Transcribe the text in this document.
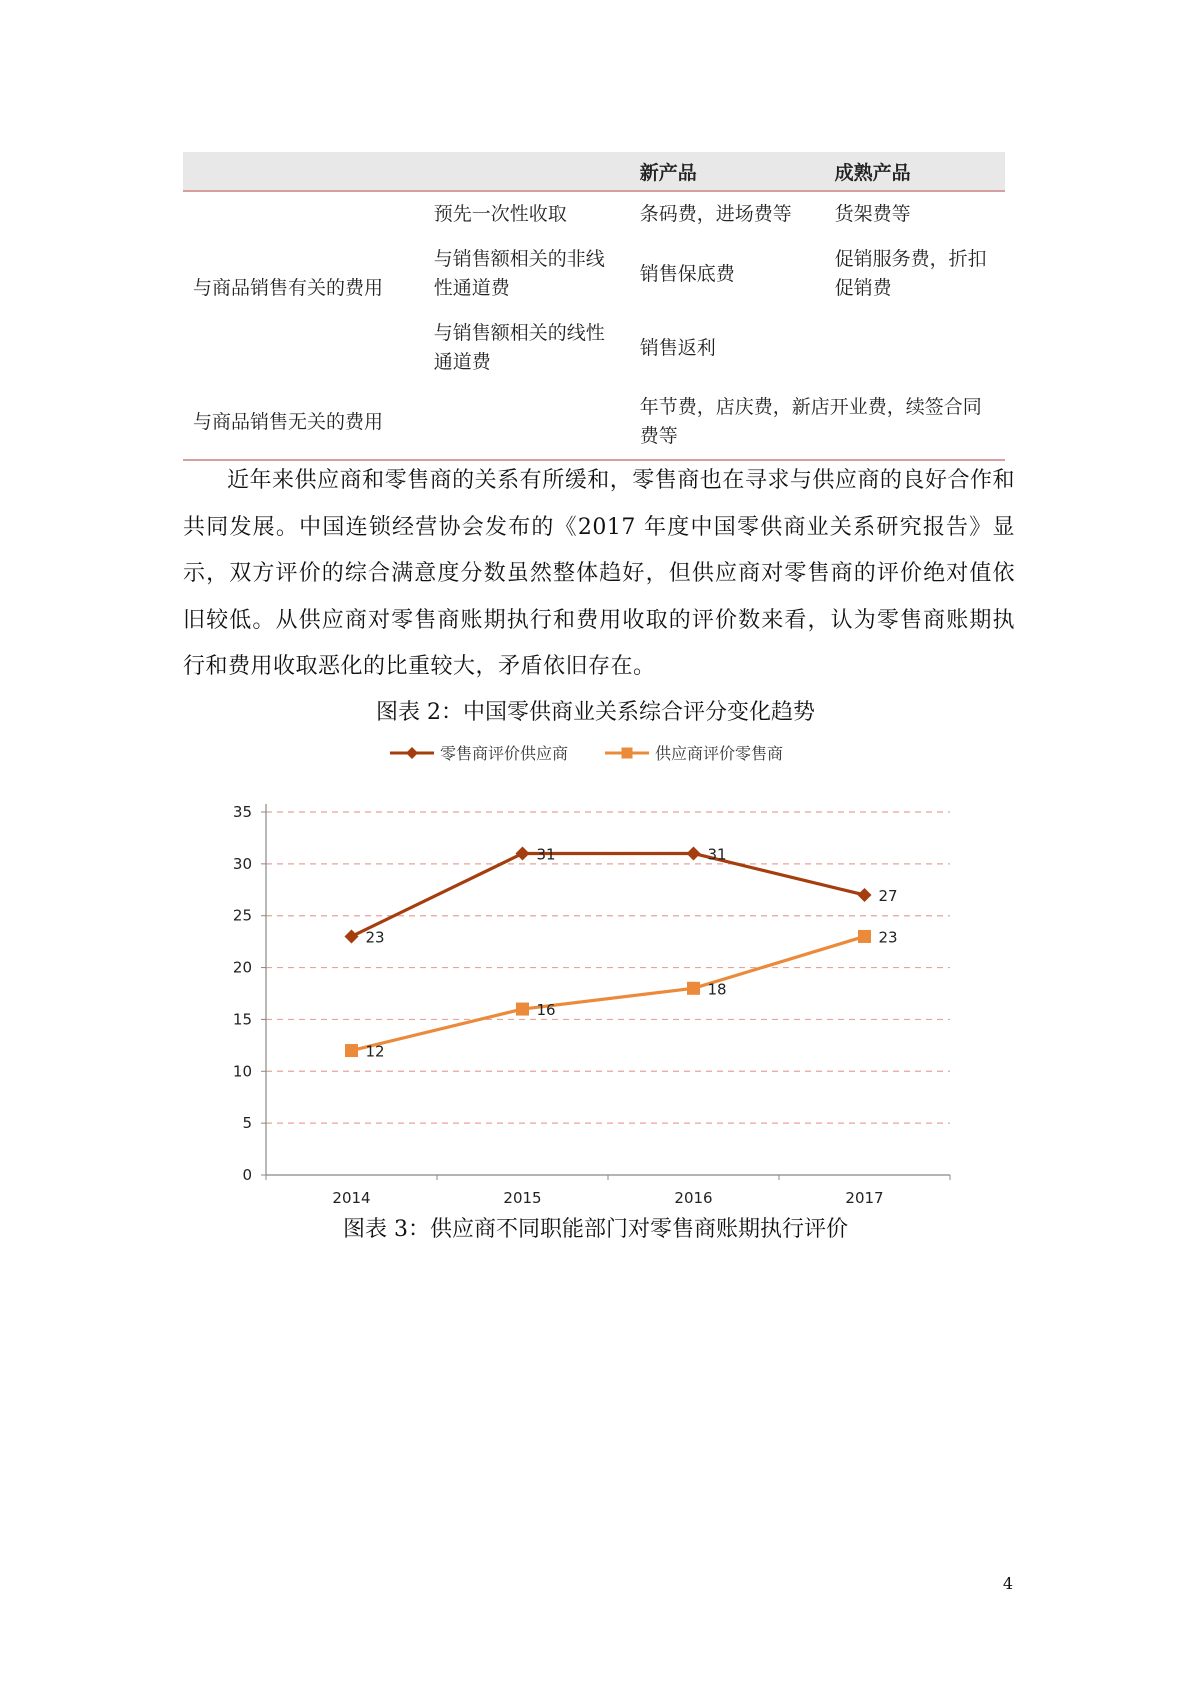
		新产品	成熟产品
与商品销售有关的费用	预先一次性收取	条码费，进场费等	货架费等
	与销售额相关的非线性通道费	销售保底费	促销服务费，折扣促销费
	与销售额相关的线性通道费	销售返利	
与商品销售无关的费用		年节费，店庆费，新店开业费，续签合同费等	

近年来供应商和零售商的关系有所缓和，零售商也在寻求与供应商的良好合作和共同发展。中国连锁经营协会发布的《2017 年度中国零供商业关系研究报告》显示，双方评价的综合满意度分数虽然整体趋好，但供应商对零售商的评价绝对值依旧较低。从供应商对零售商账期执行和费用收取的评价数来看，认为零售商账期执行和费用收取恶化的比重较大，矛盾依旧存在。

图表 2：中国零供商业关系综合评分变化趋势

0
5
10
15
20
25
30
35
2014	2015	2016	2017
23
31	31
27
12
16
18
23
零售商评价供应商	供应商评价零售商

图表 3：供应商不同职能部门对零售商账期执行评价

4
